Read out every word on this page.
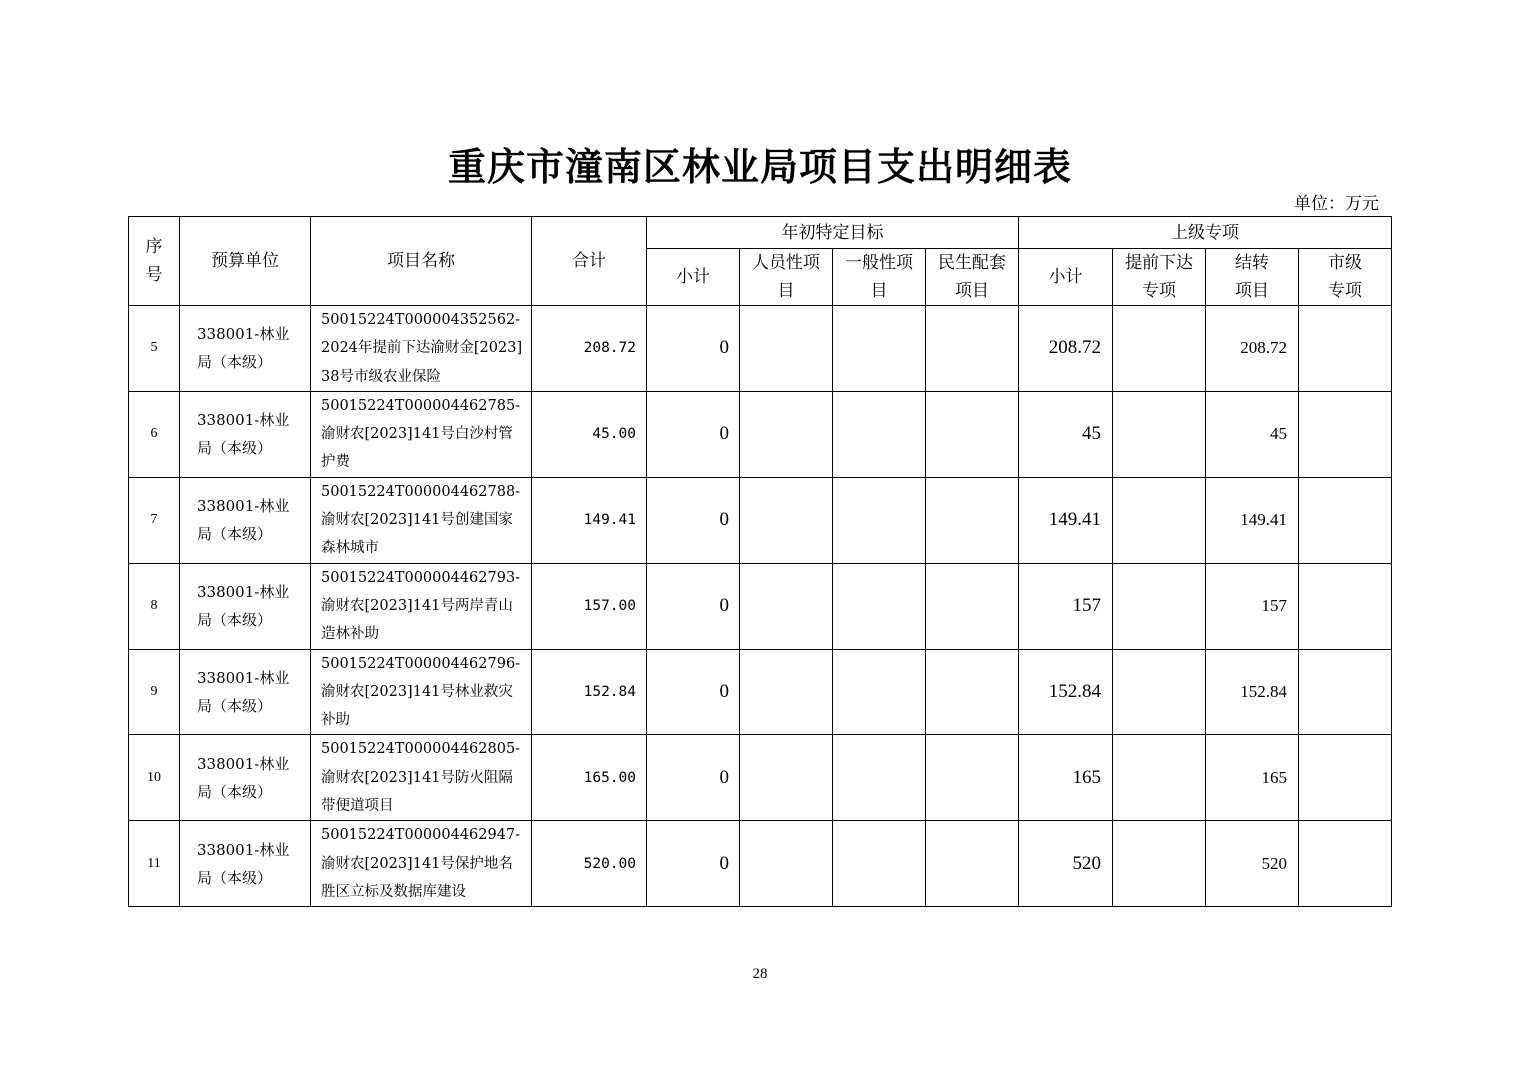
重庆市潼南区林业局项目支出明细表
单位：万元
序号	预算单位	项目名称	合计	年初特定目标				上级专项			
				小计	人员性项目	一般性项目	民生配套项目	小计	提前下达专项	结转项目	市级专项

5	338001-林业局（本级）	50015224T000004352562-2024年提前下达渝财金[2023]38号市级农业保险	208.72	0				208.72		208.72	
6	338001-林业局（本级）	50015224T000004462785-渝财农[2023]141号白沙村管护费	45.00	0				45		45	
7	338001-林业局（本级）	50015224T000004462788-渝财农[2023]141号创建国家森林城市	149.41	0				149.41		149.41	
8	338001-林业局（本级）	50015224T000004462793-渝财农[2023]141号两岸青山造林补助	157.00	0				157		157	
9	338001-林业局（本级）	50015224T000004462796-渝财农[2023]141号林业救灾补助	152.84	0				152.84		152.84	
10	338001-林业局（本级）	50015224T000004462805-渝财农[2023]141号防火阻隔带便道项目	165.00	0				165		165	
11	338001-林业局（本级）	50015224T000004462947-渝财农[2023]141号保护地名胜区立标及数据库建设	520.00	0				520		520	
28
